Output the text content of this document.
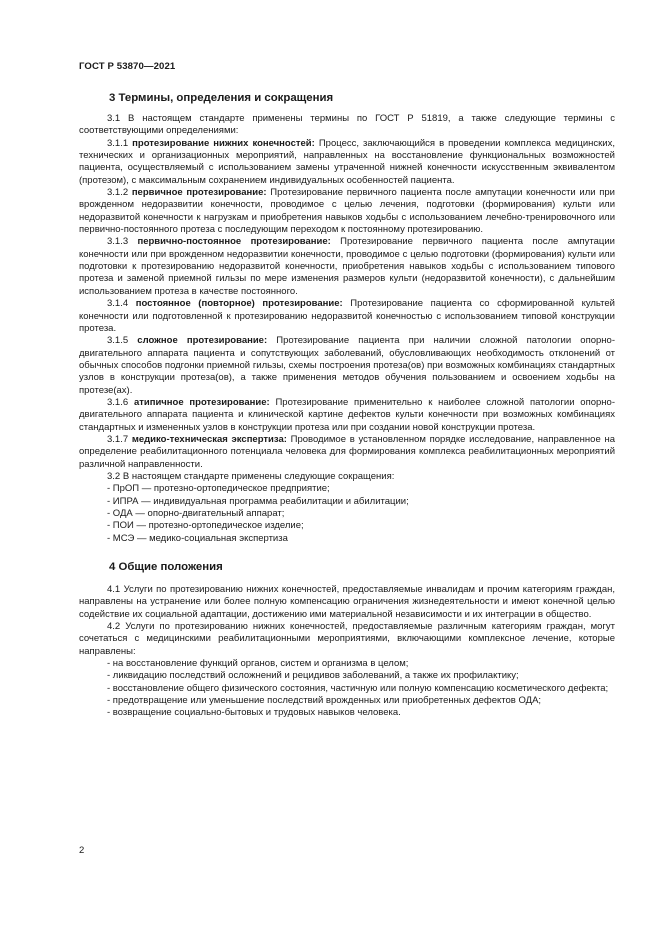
ГОСТ Р 53870—2021
3 Термины, определения и сокращения

3.1 В настоящем стандарте применены термины по ГОСТ Р 51819, а также следующие термины с соответствующими определениями:

3.1.1 протезирование нижних конечностей: Процесс, заключающийся в проведении комплекса медицинских, технических и организационных мероприятий, направленных на восстановление функциональных возможностей пациента, осуществляемый с использованием замены утраченной нижней конечности искусственным эквивалентом (протезом), с максимальным сохранением индивидуальных особенностей пациента.

3.1.2 первичное протезирование: Протезирование первичного пациента после ампутации конечности или при врожденном недоразвитии конечности, проводимое с целью лечения, подготовки (формирования) культи или недоразвитой конечности к нагрузкам и приобретения навыков ходьбы с использованием лечебно-тренировочного или первично-постоянного протеза с последующим переходом к постоянному протезированию.

3.1.3 первично-постоянное протезирование: Протезирование первичного пациента после ампутации конечности или при врожденном недоразвитии конечности, проводимое с целью подготовки (формирования) культи или подготовки к протезированию недоразвитой конечности, приобретения навыков ходьбы с использованием типового протеза и заменой приемной гильзы по мере изменения размеров культи (недоразвитой конечности), с дальнейшим использованием протеза в качестве постоянного.

3.1.4 постоянное (повторное) протезирование: Протезирование пациента со сформированной культей конечности или подготовленной к протезированию недоразвитой конечностью с использованием типовой конструкции протеза.

3.1.5 сложное протезирование: Протезирование пациента при наличии сложной патологии опорно-двигательного аппарата пациента и сопутствующих заболеваний, обусловливающих необходимость отклонений от обычных способов подгонки приемной гильзы, схемы построения протеза(ов) при возможных комбинациях стандартных узлов в конструкции протеза(ов), а также применения методов обучения пользованием и освоением ходьбы на протезе(ах).

3.1.6 атипичное протезирование: Протезирование применительно к наиболее сложной патологии опорно-двигательного аппарата пациента и клинической картине дефектов культи конечности при возможных комбинациях стандартных и измененных узлов в конструкции протеза или при создании новой конструкции протеза.

3.1.7 медико-техническая экспертиза: Проводимое в установленном порядке исследование, направленное на определение реабилитационного потенциала человека для формирования комплекса реабилитационных мероприятий различной направленности.

3.2 В настоящем стандарте применены следующие сокращения:

- ПрОП — протезно-ортопедическое предприятие;
- ИПРА — индивидуальная программа реабилитации и абилитации;
- ОДА — опорно-двигательный аппарат;
- ПОИ — протезно-ортопедическое изделие;
- МСЭ — медико-социальная экспертиза
4 Общие положения

4.1 Услуги по протезированию нижних конечностей, предоставляемые инвалидам и прочим категориям граждан, направлены на устранение или более полную компенсацию ограничения жизнедеятельности и имеют конечной целью содействие их социальной адаптации, достижению ими материальной независимости и их интеграции в общество.

4.2 Услуги по протезированию нижних конечностей, предоставляемые различным категориям граждан, могут сочетаться с медицинскими реабилитационными мероприятиями, включающими комплексное лечение, которые направлены:

- на восстановление функций органов, систем и организма в целом;
- ликвидацию последствий осложнений и рецидивов заболеваний, а также их профилактику;
- восстановление общего физического состояния, частичную или полную компенсацию косметического дефекта;
- предотвращение или уменьшение последствий врожденных или приобретенных дефектов ОДА;
- возвращение социально-бытовых и трудовых навыков человека.
2
